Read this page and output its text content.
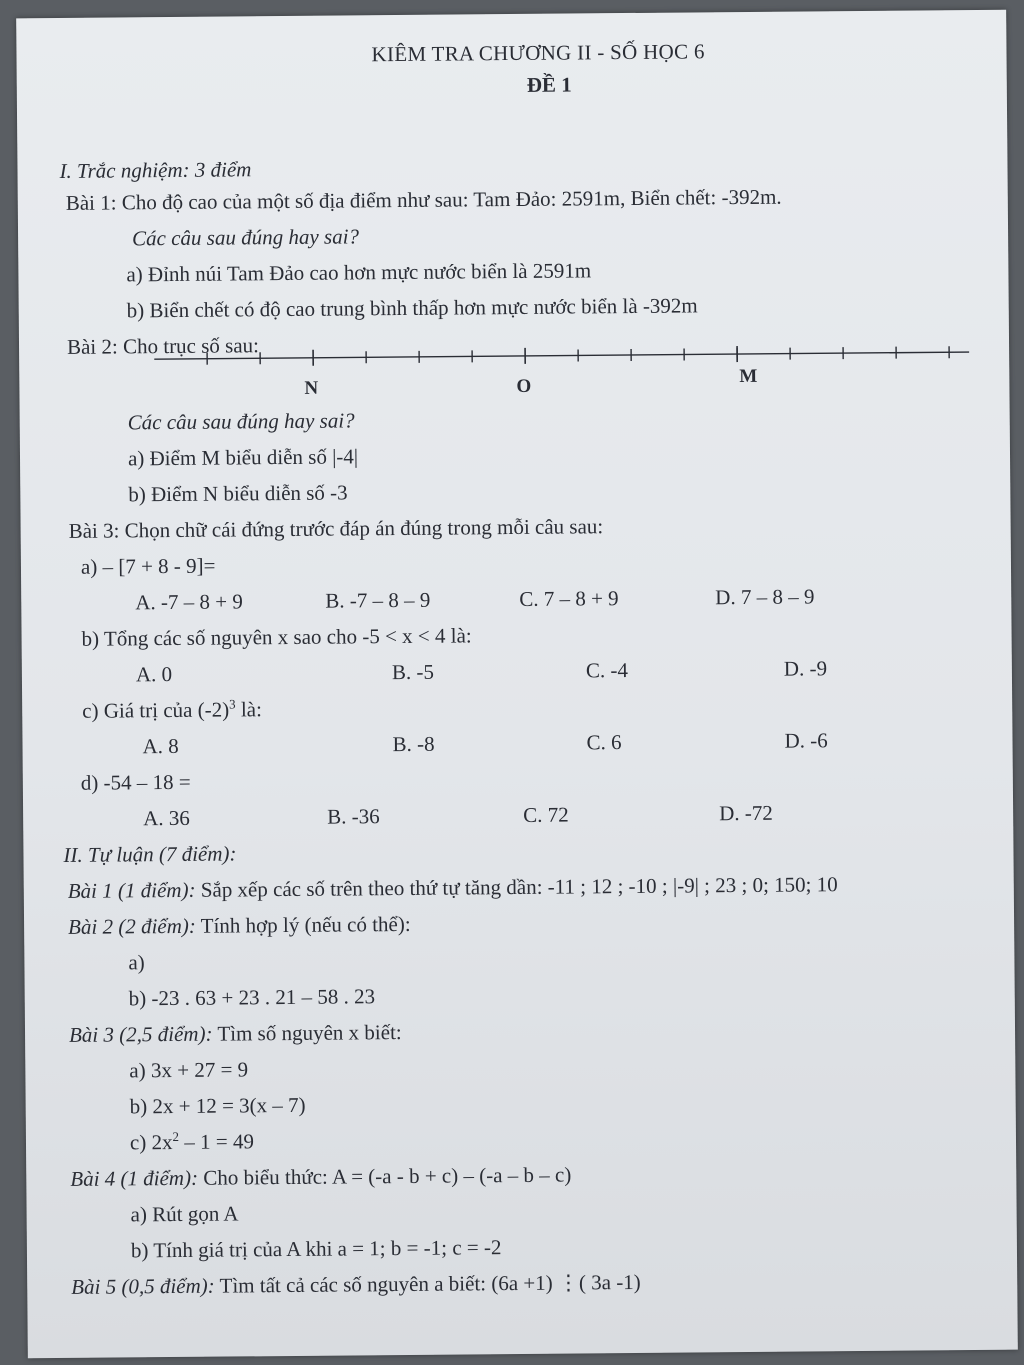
KIÊM TRA CHƯƠNG II - SỐ HỌC 6
ĐỀ 1
I. Trắc nghiệm: 3 điểm
Bài 1: Cho độ cao của một số địa điểm như sau: Tam Đảo: 2591m, Biển chết: -392m.
Các câu sau đúng hay sai?
a) Đỉnh núi Tam Đảo cao hơn mực nước biển là 2591m
b) Biển chết có độ cao trung bình thấp hơn mực nước biển là -392m
Bài 2: Cho trục số sau:
N	O	M
Các câu sau đúng hay sai?
a) Điểm M biểu diễn số |-4|
b) Điểm N biểu diễn số -3
Bài 3: Chọn chữ cái đứng trước đáp án đúng trong mỗi câu sau:
a) – [7 + 8 - 9]=
A. -7 – 8 + 9	B. -7 – 8 – 9	C. 7 – 8 + 9	D. 7 – 8 – 9
b) Tổng các số nguyên x sao cho -5 < x < 4 là:
A. 0	B. -5	C. -4	D. -9
c) Giá trị của $(-2)^3$ là:
A. 8	B. -8	C. 6	D. -6
d) -54 – 18 =
A. 36	B. -36	C. 72	D. -72
II. Tự luận (7 điểm):
Bài 1 (1 điểm): Sắp xếp các số trên theo thứ tự tăng dần: -11 ; 12 ; -10 ; |-9| ; 23 ; 0; 150; 10
Bài 2 (2 điểm): Tính hợp lý (nếu có thể):
a)
b) -23 . 63 + 23 . 21 – 58 . 23
Bài 3 (2,5 điểm): Tìm số nguyên x biết:
a) 3x + 27 = 9
b) 2x + 12 = 3(x – 7)
c) $2x^2 - 1 = 49$
Bài 4 (1 điểm): Cho biểu thức: A = (-a - b + c) – (-a – b – c)
a) Rút gọn A
b) Tính giá trị của A khi a = 1; b = -1; c = -2
Bài 5 (0,5 điểm): Tìm tất cả các số nguyên a biết: (6a +1) ⋮( 3a -1)
